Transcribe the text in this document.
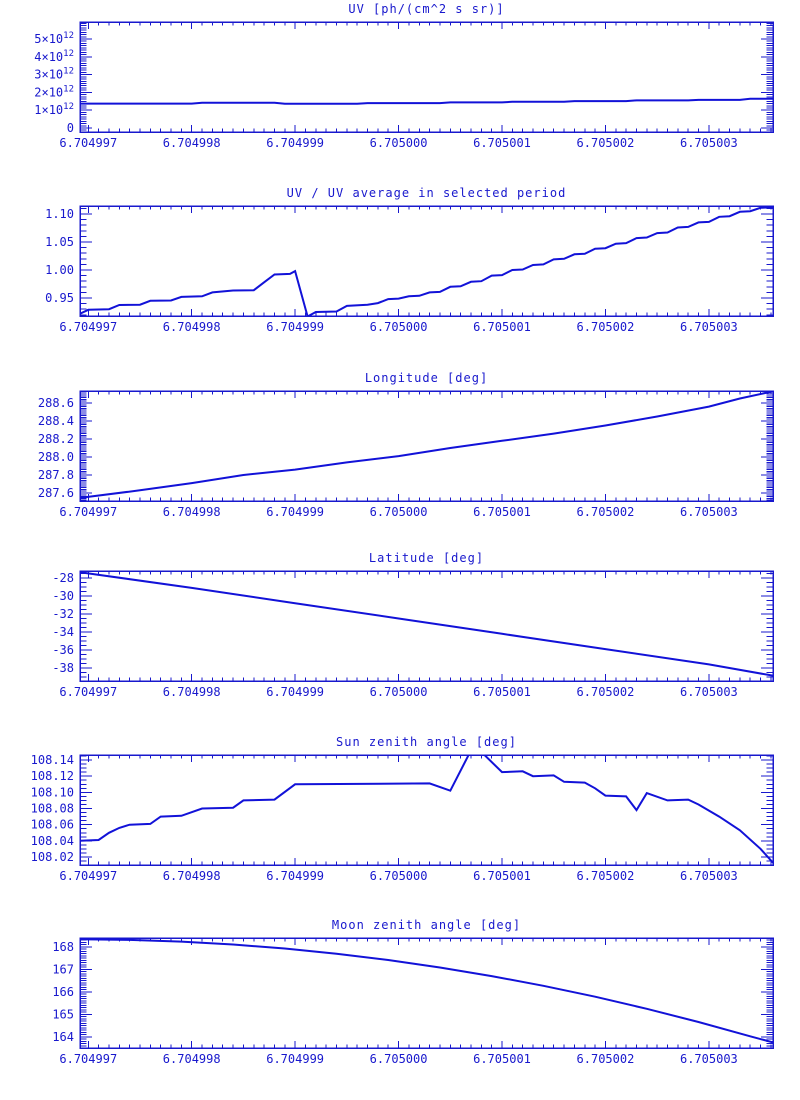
UV [ph/(cm^2 s sr)]
0
$1\times 10^{12}$
$2\times 10^{12}$
$3\times 10^{12}$
$4\times 10^{12}$
$5\times 10^{12}$
6.704997	6.704998	6.704999	6.705000	6.705001	6.705002	6.705003
UV / UV average in selected period
0.95
1.00
1.05
1.10
6.704997	6.704998	6.704999	6.705000	6.705001	6.705002	6.705003
Longitude [deg]
287.6
287.8
288.0
288.2
288.4
288.6
6.704997	6.704998	6.704999	6.705000	6.705001	6.705002	6.705003
Latitude [deg]
-38
-36
-34
-32
-30
-28
6.704997	6.704998	6.704999	6.705000	6.705001	6.705002	6.705003
Sun zenith angle [deg]
108.02
108.04
108.06
108.08
108.10
108.12
108.14
6.704997	6.704998	6.704999	6.705000	6.705001	6.705002	6.705003
Moon zenith angle [deg]
164
165
166
167
168
6.704997	6.704998	6.704999	6.705000	6.705001	6.705002	6.705003
